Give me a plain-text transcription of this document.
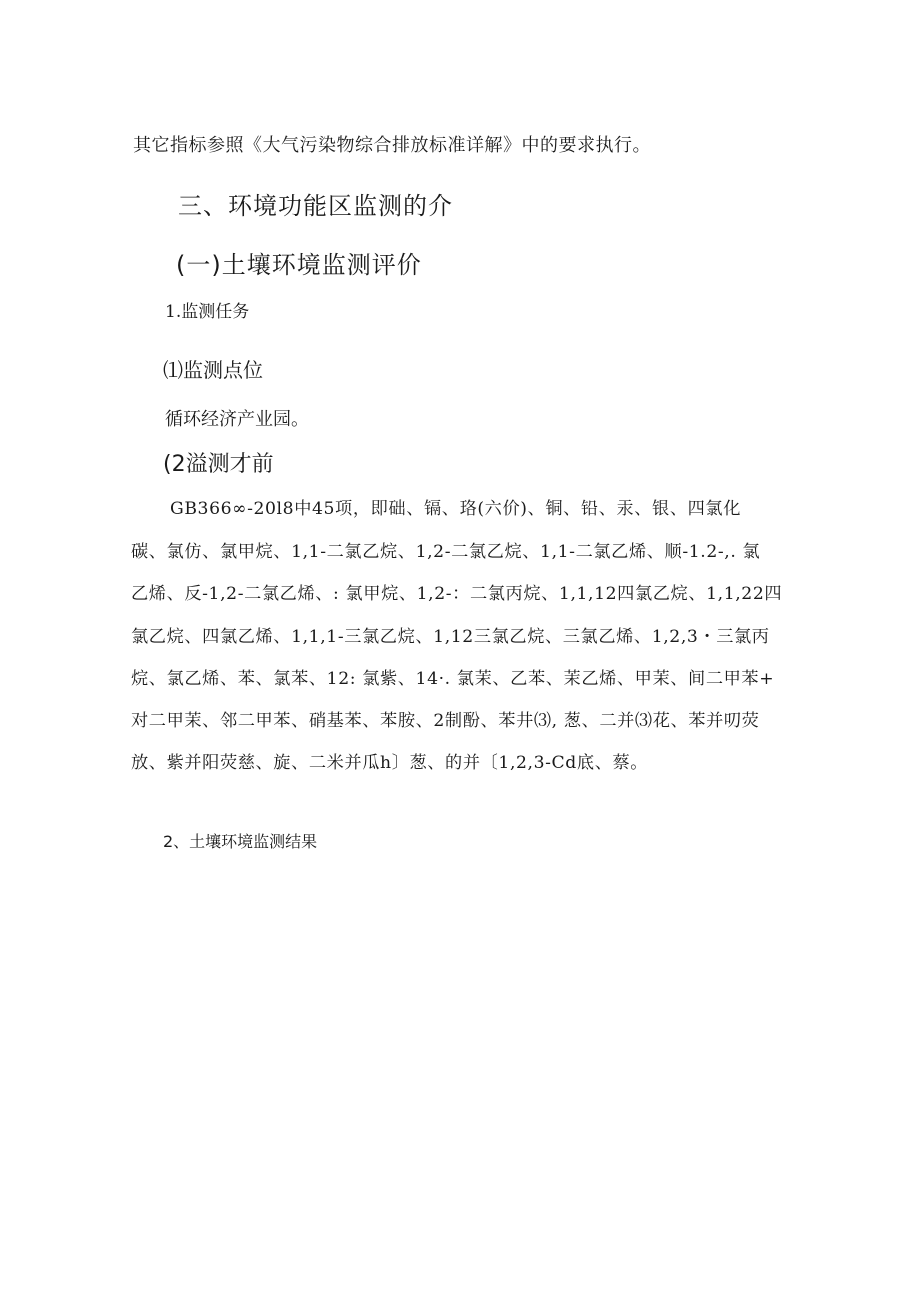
其它指标参照《大气污染物综合排放标准详解》中的要求执行。
三、环境功能区监测的介
(一)土壤环境监测评价
1.监测任务
⑴监测点位
循环经济产业园。
(2溢测才前
GB366∞-20l8中45项，即础、镉、珞(六价)、铜、铅、汞、银、四氯化
碳、氯仿、氯甲烷、1,1-二氯乙烷、1,2-二氯乙烷、1,1-二氯乙烯、顺-1.2-,. 氯
乙烯、反-1,2-二氯乙烯、: 氯甲烷、1,2-：二氯丙烷、1,1,12四氯乙烷、1,1,22四
氯乙烷、四氯乙烯、1,1,1-三氯乙烷、1,12三氯乙烷、三氯乙烯、1,2,3・三氯丙
烷、氯乙烯、苯、氯苯、12: 氯紫、14·. 氯茉、乙苯、茉乙烯、甲茉、间二甲苯+
对二甲茉、邻二甲苯、硝基苯、苯胺、2制酚、苯井⑶, 葱、二并⑶花、苯并叨荧
放、紫并阳荧慈、旋、二米并瓜h〕葱、的并〔1,2,3-Cd底、蔡。
2、土壤环境监测结果
